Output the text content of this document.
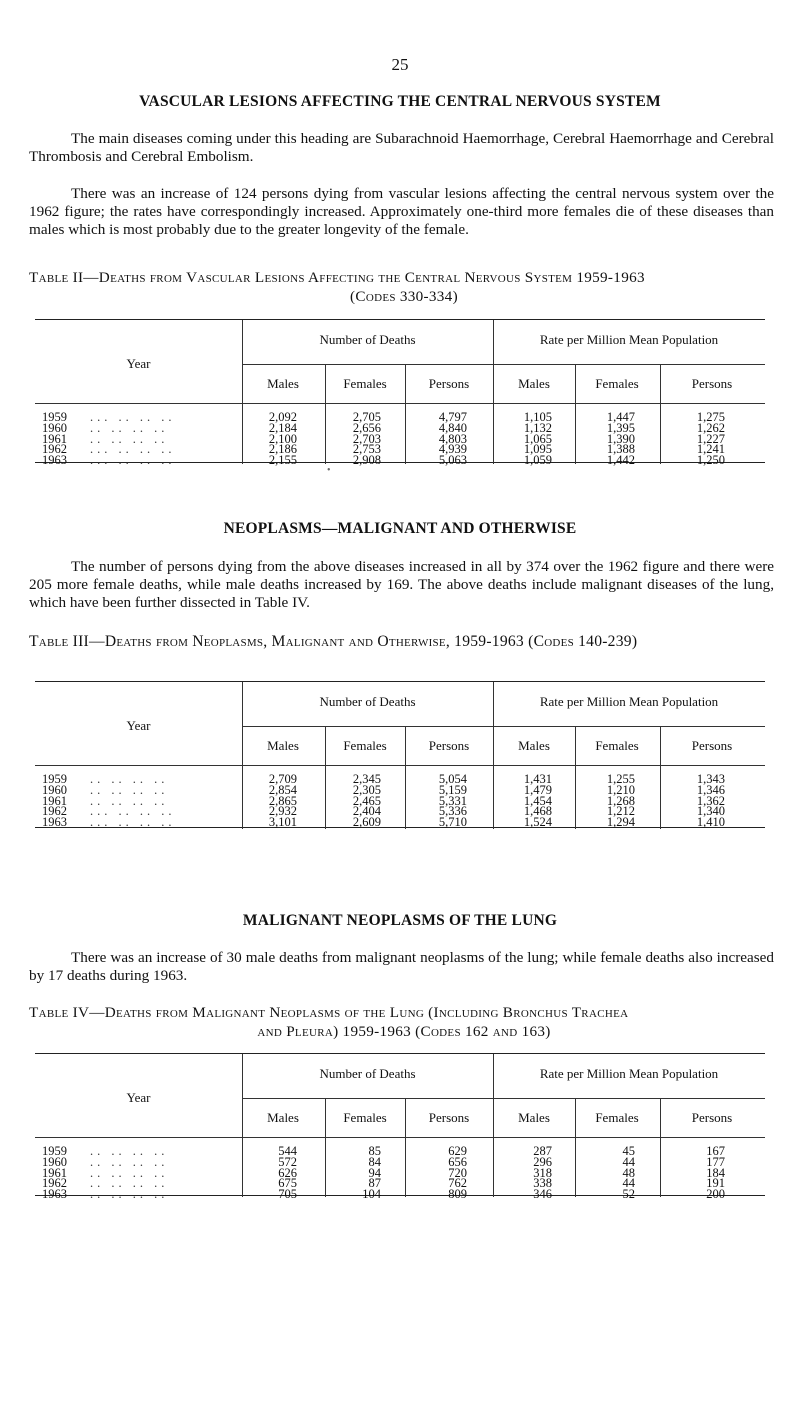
25
VASCULAR LESIONS AFFECTING THE CENTRAL NERVOUS SYSTEM
The main diseases coming under this heading are Subarachnoid Haemorrhage, Cerebral Haemorrhage and Cerebral Thrombosis and Cerebral Embolism.
There was an increase of 124 persons dying from vascular lesions affecting the central nervous system over the 1962 figure; the rates have correspondingly increased. Approximately one-third more females die of these diseases than males which is most probably due to the greater longevity of the female.
Table II—Deaths from Vascular Lesions Affecting the Central Nervous System 1959-1963
(Codes 330-334)
Year
Number of Deaths	Rate per Million Mean Population
Males	Females	Persons	Males	Females	Persons
1959 ... .. .. ..	2,092	2,705	4,797	1,105	1,447	1,275
1960 .. .. .. ..	2,184	2,656	4,840	1,132	1,395	1,262
1961 .. .. .. ..	2,100	2,703	4,803	1,065	1,390	1,227
1962 ... .. .. ..	2,186	2,753	4,939	1,095	1,388	1,241
1963 ... .. .. ..	2,155	2,908	5,063	1,059	1,442	1,250
•
NEOPLASMS—MALIGNANT AND OTHERWISE
The number of persons dying from the above diseases increased in all by 374 over the 1962 figure and there were 205 more female deaths, while male deaths increased by 169. The above deaths include malignant diseases of the lung, which have been further dissected in Table IV.
Table III—Deaths from Neoplasms, Malignant and Otherwise, 1959-1963 (Codes 140-239)
Year
Number of Deaths	Rate per Million Mean Population
Males	Females	Persons	Males	Females	Persons
1959 .. .. .. ..	2,709	2,345	5,054	1,431	1,255	1,343
1960 .. .. .. ..	2,854	2,305	5,159	1,479	1,210	1,346
1961 .. .. .. ..	2,865	2,465	5,331	1,454	1,268	1,362
1962 ... .. .. ..	2,932	2,404	5,336	1,468	1,212	1,340
1963 ... .. .. ..	3,101	2,609	5,710	1,524	1,294	1,410
MALIGNANT NEOPLASMS OF THE LUNG
There was an increase of 30 male deaths from malignant neoplasms of the lung; while female deaths also increased by 17 deaths during 1963.
Table IV—Deaths from Malignant Neoplasms of the Lung (Including Bronchus Trachea
and Pleura) 1959-1963 (Codes 162 and 163)
Year
Number of Deaths	Rate per Million Mean Population
Males	Females	Persons	Males	Females	Persons
1959 .. .. .. ..	544	85	629	287	45	167
1960 .. .. .. ..	572	84	656	296	44	177
1961 .. .. .. ..	626	94	720	318	48	184
1962 .. .. .. ..	675	87	762	338	44	191
1963 .. .. .. ..	705	104	809	346	52	200
